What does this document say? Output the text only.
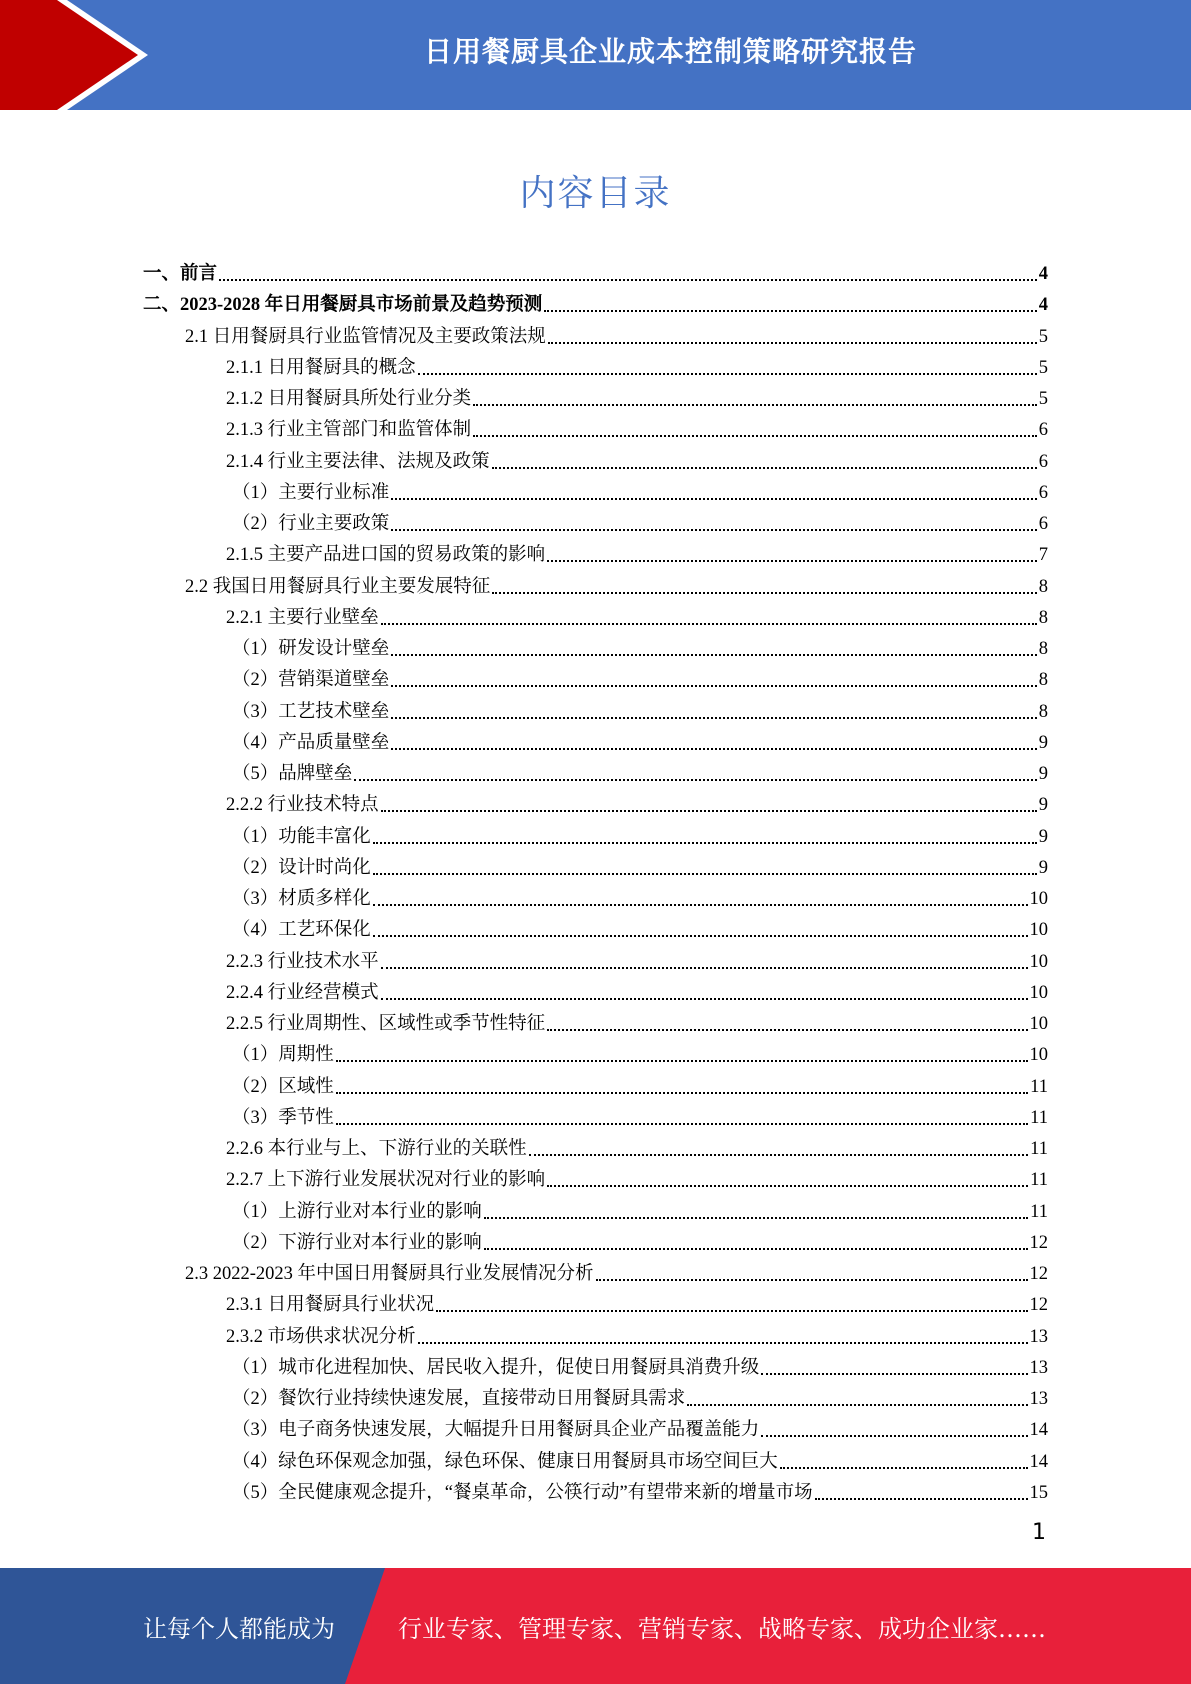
日用餐厨具企业成本控制策略研究报告
内容目录
一、前言	4
二、2023-2028 年日用餐厨具市场前景及趋势预测	4
2.1 日用餐厨具行业监管情况及主要政策法规	5
2.1.1 日用餐厨具的概念	5
2.1.2 日用餐厨具所处行业分类	5
2.1.3 行业主管部门和监管体制	6
2.1.4 行业主要法律、法规及政策	6
（1）主要行业标准	6
（2）行业主要政策	6
2.1.5 主要产品进口国的贸易政策的影响	7
2.2 我国日用餐厨具行业主要发展特征	8
2.2.1 主要行业壁垒	8
（1）研发设计壁垒	8
（2）营销渠道壁垒	8
（3）工艺技术壁垒	8
（4）产品质量壁垒	9
（5）品牌壁垒	9
2.2.2 行业技术特点	9
（1）功能丰富化	9
（2）设计时尚化	9
（3）材质多样化	10
（4）工艺环保化	10
2.2.3 行业技术水平	10
2.2.4 行业经营模式	10
2.2.5 行业周期性、区域性或季节性特征	10
（1）周期性	10
（2）区域性	11
（3）季节性	11
2.2.6 本行业与上、下游行业的关联性	11
2.2.7 上下游行业发展状况对行业的影响	11
（1）上游行业对本行业的影响	11
（2）下游行业对本行业的影响	12
2.3 2022-2023 年中国日用餐厨具行业发展情况分析	12
2.3.1 日用餐厨具行业状况	12
2.3.2 市场供求状况分析	13
（1）城市化进程加快、居民收入提升，促使日用餐厨具消费升级	13
（2）餐饮行业持续快速发展，直接带动日用餐厨具需求	13
（3）电子商务快速发展，大幅提升日用餐厨具企业产品覆盖能力	14
（4）绿色环保观念加强，绿色环保、健康日用餐厨具市场空间巨大	14
（5）全民健康观念提升，“餐桌革命，公筷行动”有望带来新的增量市场	15
1
让每个人都能成为	行业专家、管理专家、营销专家、战略专家、成功企业家……
